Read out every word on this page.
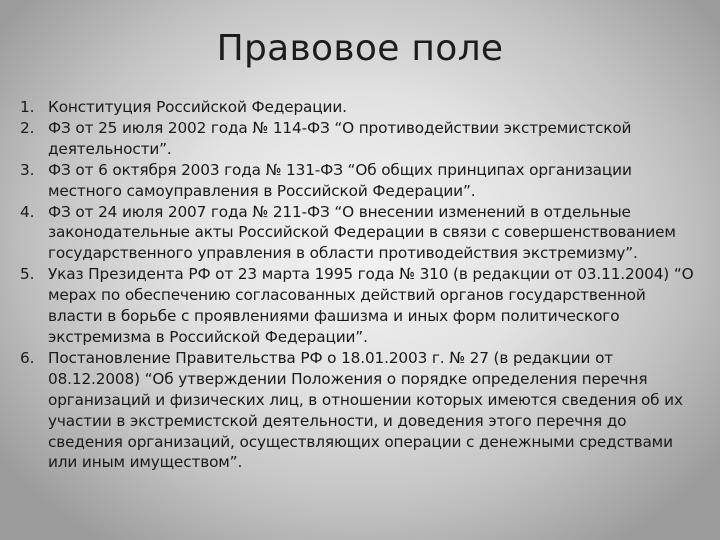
Правовое поле
1. Конституция Российской Федерации.
2. ФЗ от 25 июля 2002 года № 114-ФЗ “О противодействии экстремистской деятельности”.
3. ФЗ от 6 октября 2003 года № 131-ФЗ “Об общих принципах организации местного самоуправления в Российской Федерации”.
4. ФЗ от 24 июля 2007 года № 211-ФЗ “О внесении изменений в отдельные законодательные акты Российской Федерации в связи с совершенствованием государственного управления в области противодействия экстремизму”.
5. Указ Президента РФ от 23 марта 1995 года № 310 (в редакции от 03.11.2004) “О мерах по обеспечению согласованных действий органов государственной власти в борьбе с проявлениями фашизма и иных форм политического экстремизма в Российской Федерации”.
6. Постановление Правительства РФ о 18.01.2003 г. № 27 (в редакции от 08.12.2008) “Об утверждении Положения о порядке определения перечня организаций и физических лиц, в отношении которых имеются сведения об их участии в экстремистской деятельности, и доведения этого перечня до сведения организаций, осуществляющих операции с денежными средствами или иным имуществом”.
